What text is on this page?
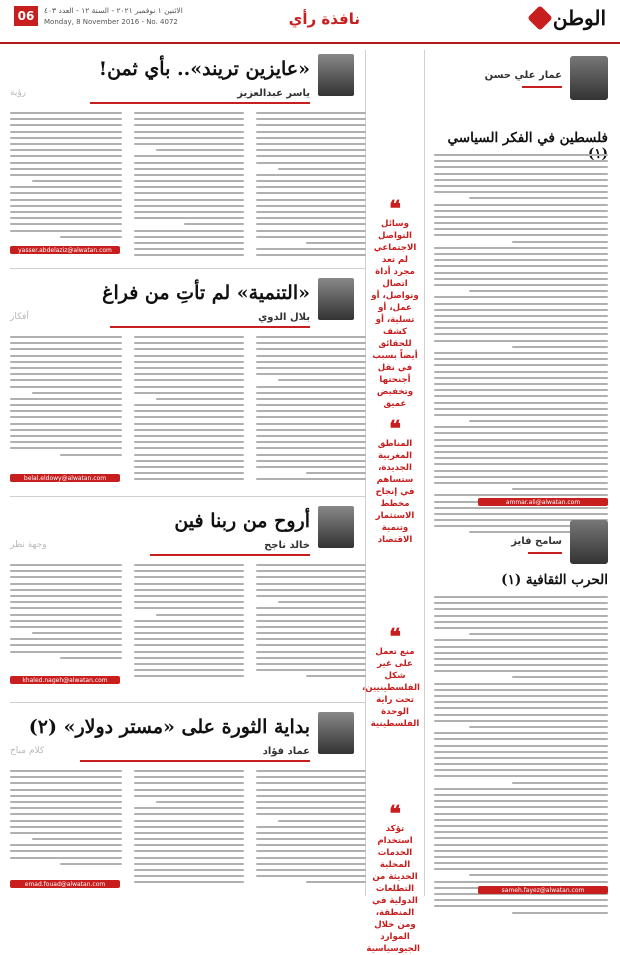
الوطن
نافذة رأي
06	الاثنين ١ نوفمبر ٢٠٢١ - السنة ١٢ - العدد ٤٠٣
Monday, 8 November 2016 - No. 4072
عمار علي حسن
فلسطين في الفكر السياسي
ammar.ali@alwatan.com
سامح فايز
الحرب الثقافية (١)
sameh.fayez@alwatan.com
❝
وسائل التواصل الاجتماعي لم تعد مجرد أداة اتصال وتواصل، أو عمل، أو تسلية، أو كشف للحقائق أيضاً بسبب في نقل أجنحتها وتخفيض عميق
❝
المناطق المغربية الجديدة، ستساهم في إنجاح مخطط الاستثمار وتنمية الاقتصاد
❝
منع تعمل على غير شكل الفلسطينيين، تحت راية الوحدة الفلسطينية
❝
تؤكد استخدام الخدمات المحلية الحديثة من التطلعات الدولية في المنطقة، ومن خلال الموارد الجيوسياسية
«عايزين تريند».. بأي ثمن!
ياسر عبدالعزيز
رؤية
yasser.abdelaziz@alwatan.com
«التنمية» لم تأتِ من فراغ
بلال الدوي
أفكار
belal.eldowy@alwatan.com
أروح من ربنا فين
خالد ناجح
وجهة نظر
khaled.nageh@alwatan.com
بداية الثورة على «مستر دولار» (٢)
عماد فؤاد
كلام مباح
emad.fouad@alwatan.com
